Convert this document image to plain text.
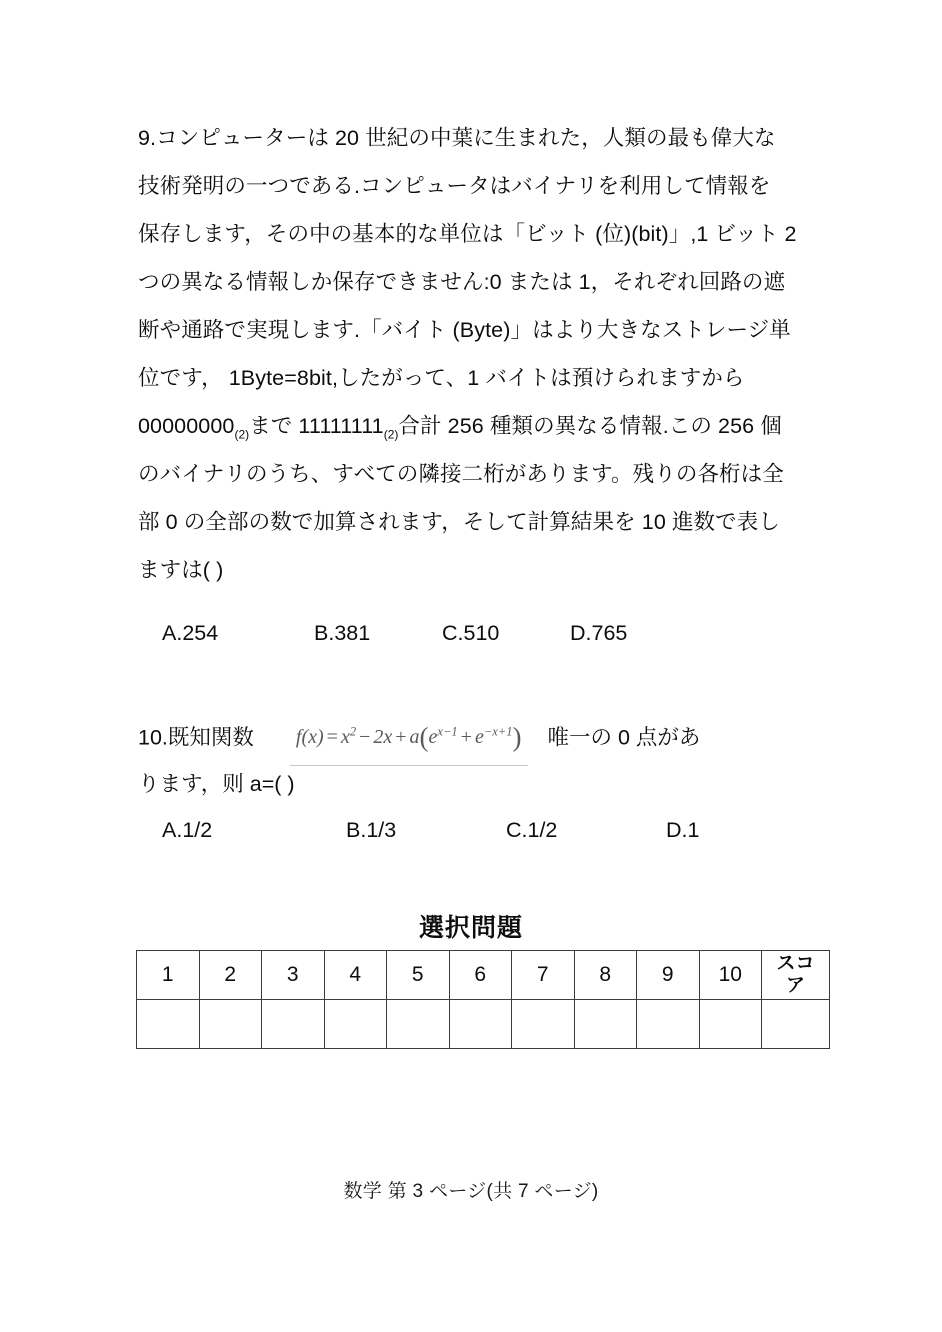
9.コンピューターは 20 世紀の中葉に生まれた，人類の最も偉大な
技術発明の一つである.コンピュータはバイナリを利用して情報を
保存します，その中の基本的な単位は「ビット (位)(bit)」,1 ビット 2
つの異なる情報しか保存できません:0 または 1，それぞれ回路の遮
断や通路で実現します.「バイト (Byte)」はより大きなストレージ単
位です， 1Byte=8bit,したがって、1 バイトは預けられますから
$00000000_{(2)}$まで $11111111_{(2)}$合計 256 種類の異なる情報.この 256 個
のバイナリのうち、すべての隣接二桁があります。残りの各桁は全
部 0 の全部の数で加算されます，そして計算結果を 10 進数で表し
ますは( )
A.254	B.381	C.510	D.765
10.既知関数 $f(x) = x^2 - 2x + a(e^{x-1} + e^{-x+1})$ 唯一の 0 点があ
ります，则 a=( )
A.1/2	B.1/3	C.1/2	D.1
選択問題
1	2	3	4	5	6	7	8	9	10	スコア

数学 第 3 ページ(共 7 ページ)
